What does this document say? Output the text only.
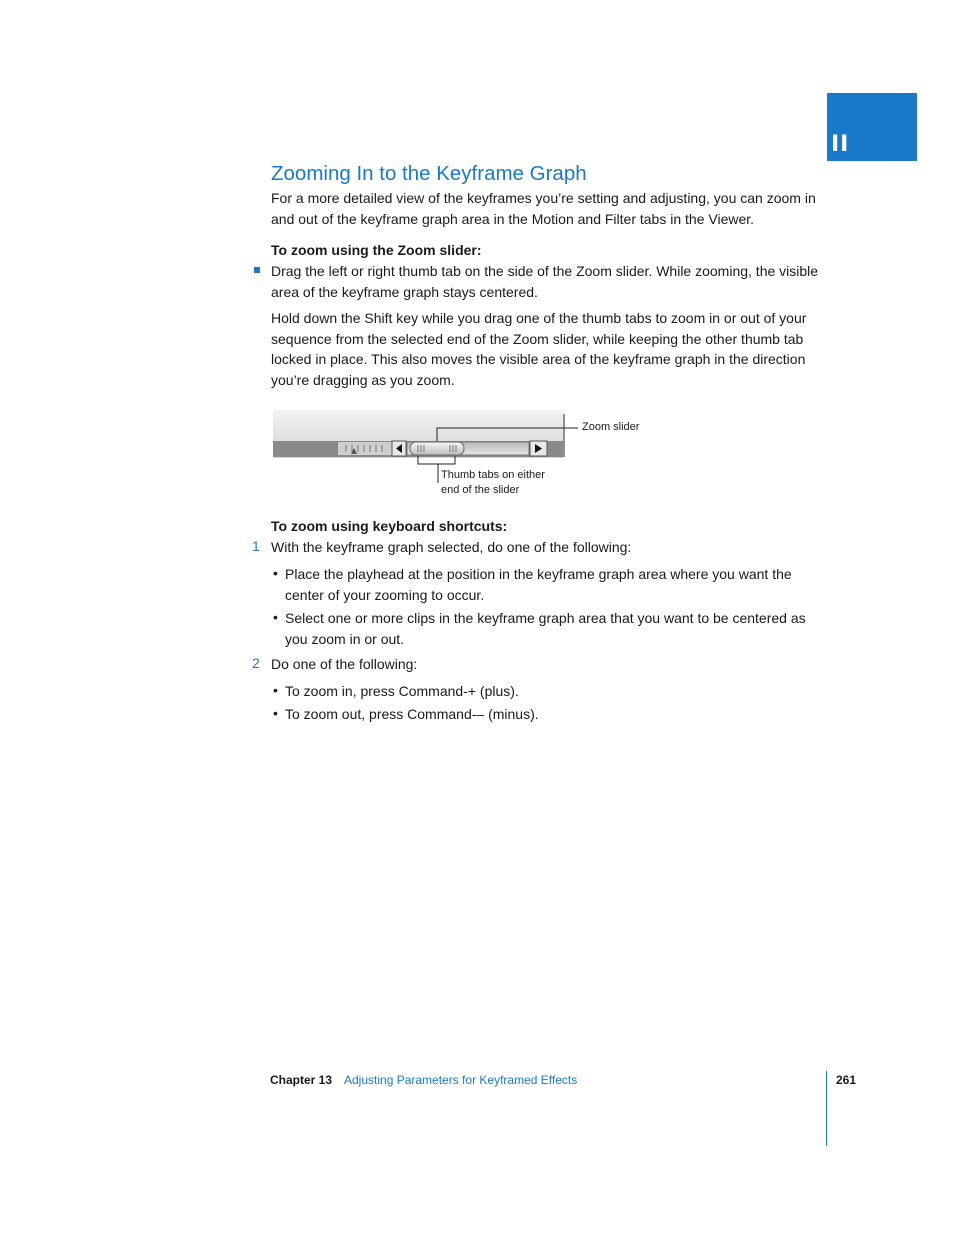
II
Zooming In to the Keyframe Graph

For a more detailed view of the keyframes you’re setting and adjusting, you can zoom in and out of the keyframe graph area in the Motion and Filter tabs in the Viewer.

To zoom using the Zoom slider:

Drag the left or right thumb tab on the side of the Zoom slider. While zooming, the visible area of the keyframe graph stays centered.

Hold down the Shift key while you drag one of the thumb tabs to zoom in or out of your sequence from the selected end of the Zoom slider, while keeping the other thumb tab locked in place. This also moves the visible area of the keyframe graph in the direction you’re dragging as you zoom.

Zoom slider
Thumb tabs on either
end of the slider

To zoom using keyboard shortcuts:

1 With the keyframe graph selected, do one of the following:

• Place the playhead at the position in the keyframe graph area where you want the center of your zooming to occur.

• Select one or more clips in the keyframe graph area that you want to be centered as you zoom in or out.

2 Do one of the following:

• To zoom in, press Command-+ (plus).

• To zoom out, press Command-– (minus).

Chapter 13 Adjusting Parameters for Keyframed Effects	261
